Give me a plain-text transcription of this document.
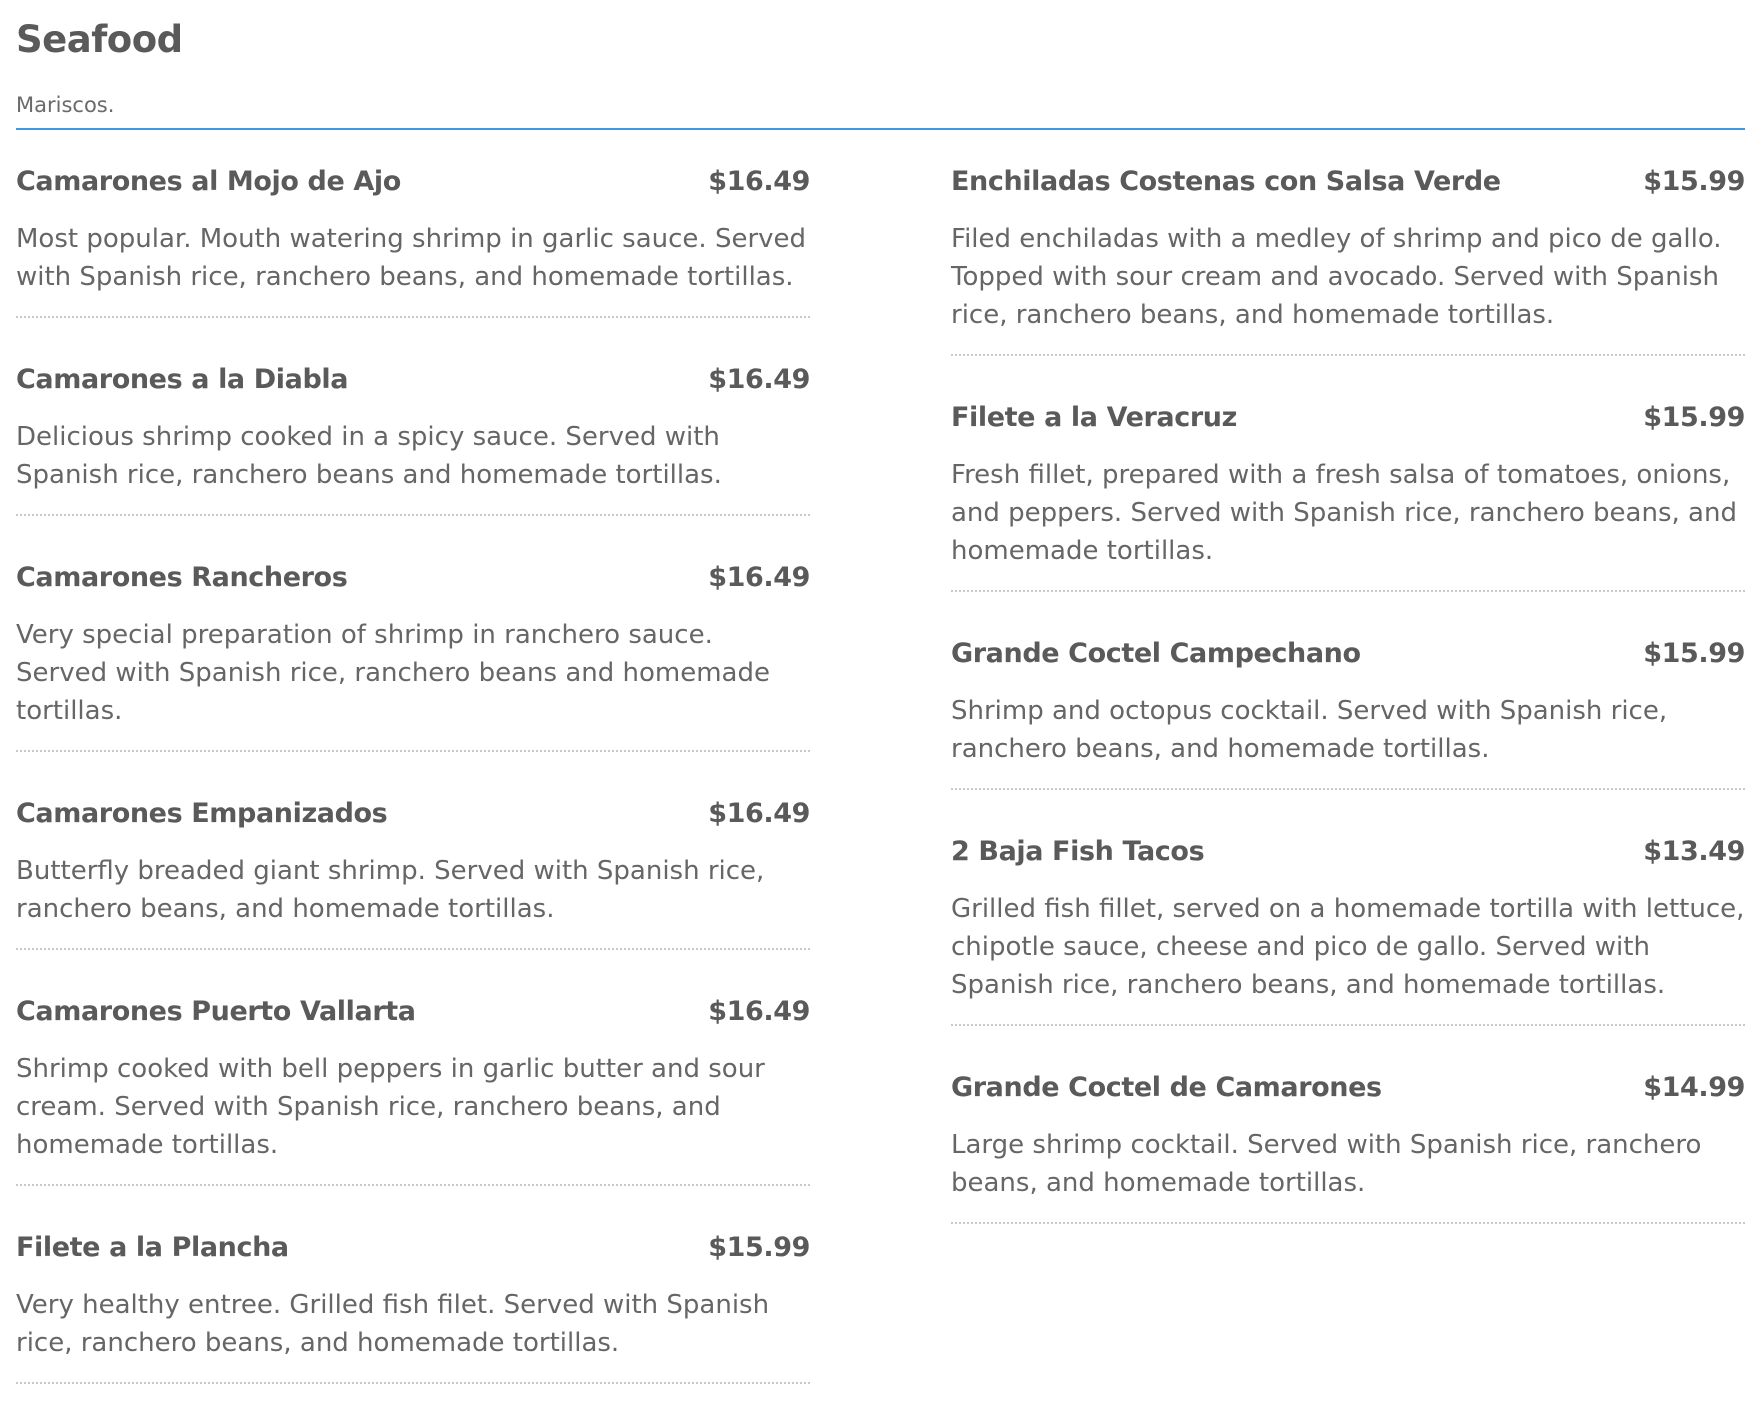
Seafood

Mariscos.

Camarones al Mojo de Ajo	$16.49
Most popular. Mouth watering shrimp in garlic sauce. Served with Spanish rice, ranchero beans, and homemade tortillas.
Camarones a la Diabla	$16.49
Delicious shrimp cooked in a spicy sauce. Served with Spanish rice, ranchero beans and homemade tortillas.
Camarones Rancheros	$16.49
Very special preparation of shrimp in ranchero sauce. Served with Spanish rice, ranchero beans and homemade tortillas.
Camarones Empanizados	$16.49
Butterfly breaded giant shrimp. Served with Spanish rice, ranchero beans, and homemade tortillas.
Camarones Puerto Vallarta	$16.49
Shrimp cooked with bell peppers in garlic butter and sour cream. Served with Spanish rice, ranchero beans, and homemade tortillas.
Filete a la Plancha	$15.99
Very healthy entree. Grilled fish filet. Served with Spanish rice, ranchero beans, and homemade tortillas.
Enchiladas Costenas con Salsa Verde	$15.99
Filed enchiladas with a medley of shrimp and pico de gallo. Topped with sour cream and avocado. Served with Spanish rice, ranchero beans, and homemade tortillas.
Filete a la Veracruz	$15.99
Fresh fillet, prepared with a fresh salsa of tomatoes, onions, and peppers. Served with Spanish rice, ranchero beans, and homemade tortillas.
Grande Coctel Campechano	$15.99
Shrimp and octopus cocktail. Served with Spanish rice, ranchero beans, and homemade tortillas.
2 Baja Fish Tacos	$13.49
Grilled fish fillet, served on a homemade tortilla with lettuce, chipotle sauce, cheese and pico de gallo. Served with Spanish rice, ranchero beans, and homemade tortillas.
Grande Coctel de Camarones	$14.99
Large shrimp cocktail. Served with Spanish rice, ranchero beans, and homemade tortillas.
